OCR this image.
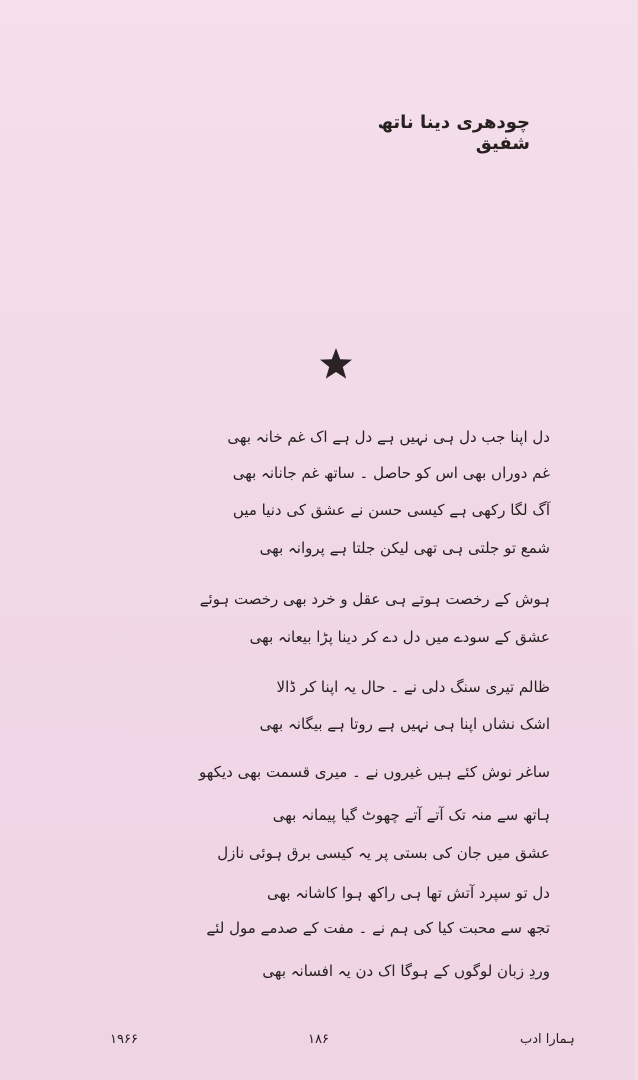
چودھری دینا ناتھ شفیق
دل اپنا جب دل ہی نہیں ہے دل ہے اک غم خانہ بھی
غم دوراں بھی اس کو حاصل ۔ ساتھ غم جانانہ بھی
آگ لگا رکھی ہے کیسی حسن نے عشق کی دنیا میں
شمع تو جلتی ہی تھی لیکن جلتا ہے پروانہ بھی
ہوش کے رخصت ہوتے ہی عقل و خرد بھی رخصت ہوئے
عشق کے سودے میں دل دے کر دینا پڑا بیعانہ بھی
ظالم تیری سنگ دلی نے ۔ حال یہ اپنا کر ڈالا
اشک نشاں اپنا ہی نہیں ہے روتا ہے بیگانہ بھی
ساغر نوش کئے ہیں غیروں نے ۔ میری قسمت بھی دیکھو
ہاتھ سے منہ تک آتے آتے چھوٹ گیا پیمانہ بھی
عشق میں جان کی بستی پر یہ کیسی برق ہوئی نازل
دل تو سپرد آتش تھا ہی راکھ ہوا کاشانہ بھی
تجھ سے محبت کیا کی ہم نے ۔ مفت کے صدمے مول لئے
وردِ زبان لوگوں کے ہوگا اک دن یہ افسانہ بھی
۱۹۶۶	۱۸۶	ہمارا ادب
